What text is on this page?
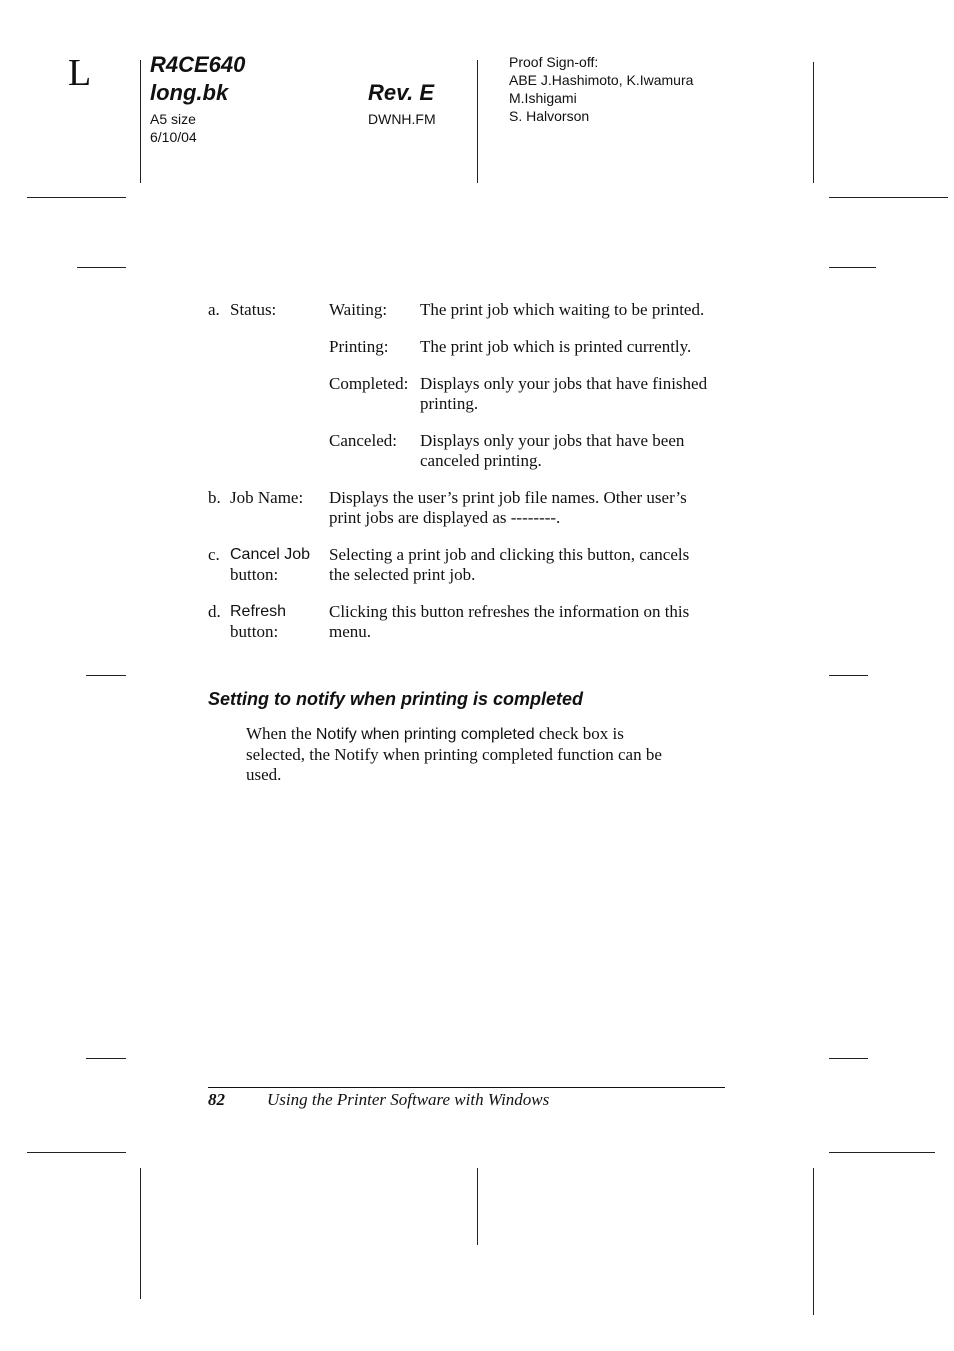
L	R4CE640
long.bk
A5 size
6/10/04
Rev. E
DWNH.FM
Proof Sign-off:
ABE J.Hashimoto, K.Iwamura
M.Ishigami
S. Halvorson
a. Status:	Waiting: The print job which waiting to be printed.
Printing: The print job which is printed currently.
Completed: Displays only your jobs that have finished
printing.
Canceled: Displays only your jobs that have been
canceled printing.
b. Job Name: Displays the user’s print job file names. Other user’s
print jobs are displayed as --------.
c. Cancel Job
button:
Selecting a print job and clicking this button, cancels
the selected print job.
d. Refresh
button:
Clicking this button refreshes the information on this
menu.
Setting to notify when printing is completed
When the Notify when printing completed check box is
selected, the Notify when printing completed function can be
used.
82 Using the Printer Software with Windows
